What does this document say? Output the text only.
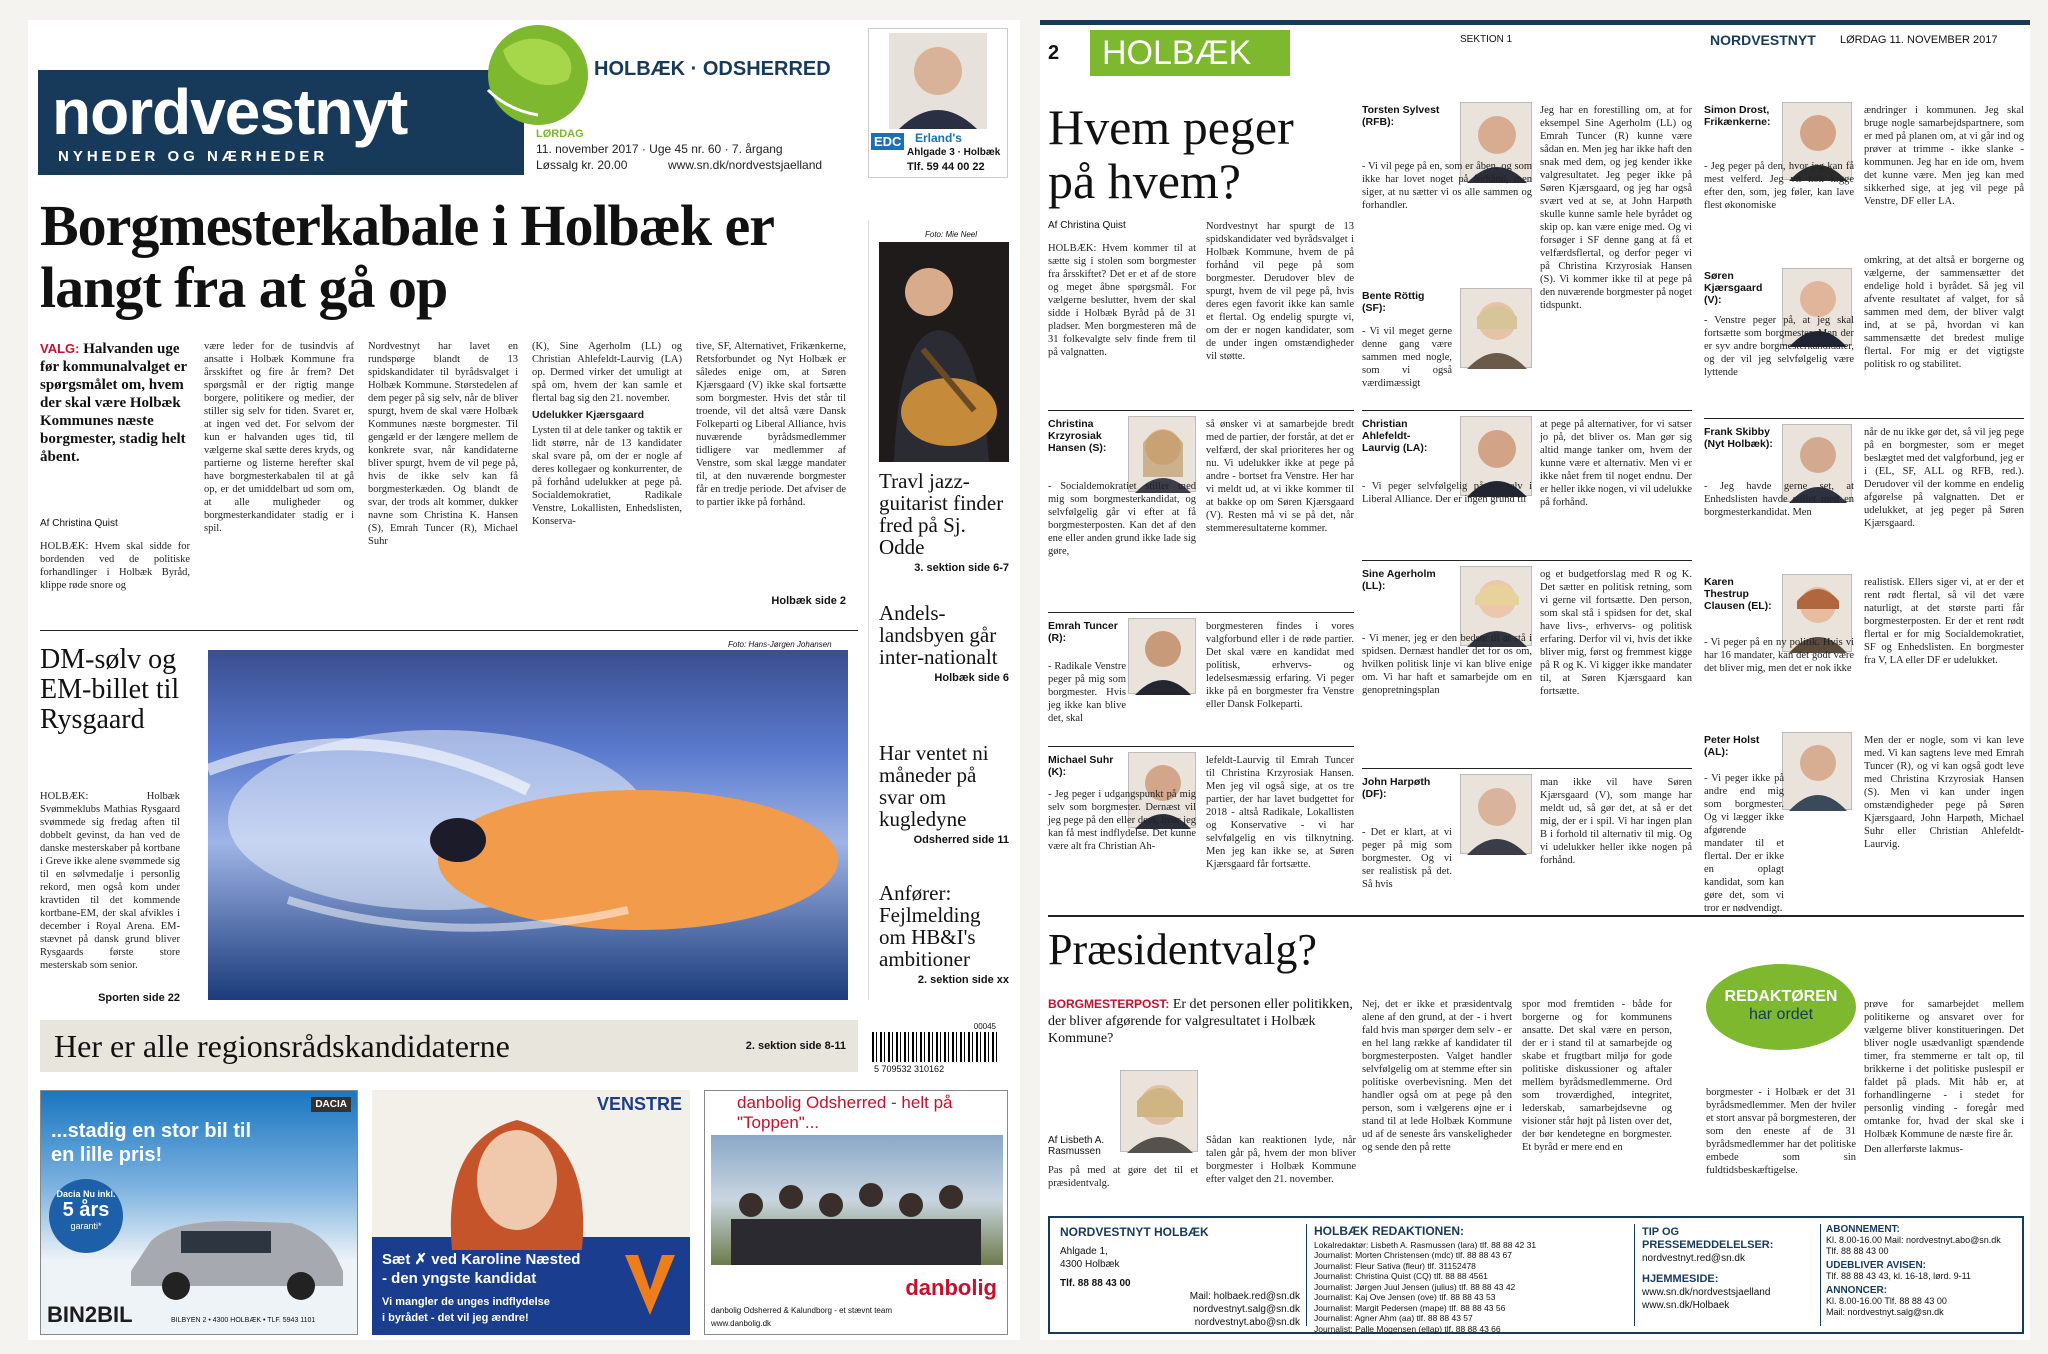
nordvestnyt
NYHEDER OG NÆRHEDER
HOLBÆK · ODSHERRED
LØRDAG
11. november 2017 · Uge 45 nr. 60 · 7. årgang
Løssalg kr. 20.00	www.sn.dk/nordvestsjaelland
EDC Erland's
Ahlgade 3 · Holbæk
Tlf. 59 44 00 22
Borgmesterkabale i Holbæk er langt fra at gå op
VALG: Halvanden uge før kommunalvalget er spørgsmålet om, hvem der skal være Holbæk Kommunes næste borgmester, stadig helt åbent.
Af Christina Quist
HOLBÆK: Hvem skal sidde for bordenden ved de politiske forhandlinger i Holbæk Byråd, klippe røde snore og
være leder for de tusindvis af ansatte i Holbæk Kommune fra årsskiftet og fire år frem? Det spørgsmål er der rigtig mange borgere, politikere og medier, der stiller sig selv for tiden. Svaret er, at ingen ved det. For selvom der kun er halvanden uges tid, til vælgerne skal sætte deres kryds, og partierne og listerne herefter skal have borgmesterkabalen til at gå op, er det umiddelbart ud som om, at alle muligheder og borgmesterkandidater stadig er i spil.
Nordvestnyt har lavet en rundspørge blandt de 13 spidskandidater til byrådsvalget i Holbæk Kommune. Størstedelen af dem peger på sig selv, når de bliver spurgt, hvem de skal være Holbæk Kommunes næste borgmester. Til gengæld er der længere mellem de konkrete svar, når kandidaterne bliver spurgt, hvem de vil pege på, hvis de ikke selv kan få borgmesterkæden. Og blandt de svar, der trods alt kommer, dukker navne som Christina K. Hansen (S), Emrah Tuncer (R), Michael Suhr

(K), Sine Agerholm (LL) og Christian Ahlefeldt-Laurvig (LA) op. Dermed virker det umuligt at spå om, hvem der kan samle et flertal bag sig den 21. november.

Udelukker Kjærsgaard

Lysten til at dele tanker og taktik er lidt større, når de 13 kandidater skal svare på, om der er nogle af deres kollegaer og konkurrenter, de på forhånd udelukker at pege på. Socialdemokratiet, Radikale Venstre, Lokallisten, Enhedslisten, Konserva-

tive, SF, Alternativet, Frikænkerne, Retsforbundet og Nyt Holbæk er således enige om, at Søren Kjærsgaard (V) ikke skal fortsætte som borgmester. Hvis det står til troende, vil det altså være Dansk Folkeparti og Liberal Alliance, hvis nuværende byrådsmedlemmer tidligere var medlemmer af Venstre, som skal lægge mandater til, at den nuværende borgmester får en tredje periode. Det afviser de to partier ikke på forhånd.
Holbæk side 2
Foto: Mie Neel
Travl jazz-guitarist finder fred på Sj. Odde
3. sektion side 6-7
Andels-landsbyen går inter-nationalt
Holbæk side 6
Har ventet ni måneder på svar om kugledyne
Odsherred side 11
Anfører: Fejlmelding om HB&I's ambitioner
2. sektion side xx
DM-sølv og EM-billet til Rysgaard
HOLBÆK: Holbæk Svømmeklubs Mathias Rysgaard svømmede sig fredag aften til dobbelt gevinst, da han ved de danske mesterskaber på kortbane i Greve ikke alene svømmede sig til en sølvmedalje i personlig rekord, men også kom under kravtiden til det kommende kortbane-EM, der skal afvikles i december i Royal Arena. EM-stævnet på dansk grund bliver Rysgaards første store mesterskab som senior.
Sporten side 22
Foto: Hans-Jørgen Johansen
Her er alle regionsrådskandidaterne	2. sektion side 8-11
00045
5 709532 310162
DACIA
...stadig en stor bil til en lille pris!
Dacia Nu inkl.
5 års
garanti*
BIN2BIL	BILBYEN 2 • 4300 HOLBÆK • TLF. 5943 1101
VENSTRE
Sæt ✗ ved Karoline Næsted
- den yngste kandidat
Vi mangler de unges indflydelse
i byrådet - det vil jeg ændre!
danbolig Odsherred - helt på "Toppen"...
danbolig
danbolig Odsherred & Kalundborg - et stævnt team
www.danbolig.dk
2	HOLBÆK	SEKTION 1	NORDVESTNYT LØRDAG 11. NOVEMBER 2017
Hvem peger på hvem?
Af Christina Quist
HOLBÆK: Hvem kommer til at sætte sig i stolen som borgmester fra årsskiftet? Det er et af de store og meget åbne spørgsmål. For vælgerne beslutter, hvem der skal sidde i Holbæk Byråd på de 31 pladser. Men borgmesteren må de 31 folkevalgte selv finde frem til på valgnatten.
Nordvestnyt har spurgt de 13 spidskandidater ved byrådsvalget i Holbæk Kommune, hvem de på forhånd vil pege på som borgmester. Derudover blev de spurgt, hvem de vil pege på, hvis deres egen favorit ikke kan samle et flertal. Og endelig spurgte vi, om der er nogen kandidater, som de under ingen omstændigheder vil støtte.
Christina Krzyrosiak Hansen (S):
- Socialdemokratiet stiller med mig som borgmesterkandidat, og selvfølgelig går vi efter at få borgmesterposten. Kan det af den ene eller anden grund ikke lade sig gøre,
så ønsker vi at samarbejde bredt med de partier, der forstår, at det er velfærd, der skal prioriteres her og nu. Vi udelukker ikke at pege på andre - bortset fra Venstre. Her har vi meldt ud, at vi ikke kommer til at bakke op om Søren Kjærsgaard (V). Resten må vi se på det, når stemmeresultaterne kommer.
Emrah Tuncer (R):
- Radikale Venstre peger på mig som borgmester. Hvis jeg ikke kan blive det, skal
borgmesteren findes i vores valgforbund eller i de røde partier. Det skal være en kandidat med politisk, erhvervs- og ledelsesmæssig erfaring. Vi peger ikke på en borgmester fra Venstre eller Dansk Folkeparti.
Michael Suhr (K):
- Jeg peger i udgangspunkt på mig selv som borgmester. Dernæst vil jeg pege på den eller dem, hvor jeg kan få mest indflydelse. Det kunne være alt fra Christian Ah-
lefeldt-Laurvig til Emrah Tuncer til Christina Krzyrosiak Hansen. Men jeg vil også sige, at os tre partier, der har lavet budgettet for 2018 - altså Radikale, Lokallisten og Konservative - vi har selvfølgelig en vis tilknytning. Men jeg kan ikke se, at Søren Kjærsgaard får fortsætte.
Torsten Sylvest (RFB):
- Vi vil pege på en, som er åben, og som ikke har lovet noget på forhånd, men siger, at nu sætter vi os alle sammen og forhandler.
Bente Röttig (SF):
- Vi vil meget gerne denne gang være sammen med nogle, som vi også værdimæssigt
Christian Ahlefeldt-Laurvig (LA):
- Vi peger selvfølgelig på os selv i Liberal Alliance. Der er ingen grund til
at pege på alternativer, for vi satser jo på, det bliver os. Man gør sig altid mange tanker om, hvem der kunne være et alternativ. Men vi er ikke nået frem til noget endnu. Der er heller ikke nogen, vi vil udelukke på forhånd.
Sine Agerholm (LL):
- Vi mener, jeg er den bedste til at stå i spidsen. Dernæst handler det for os om, hvilken politisk linje vi kan blive enige om. Vi har haft et samarbejde om en genopretningsplan
og et budgetforslag med R og K. Det sætter en politisk retning, som vi gerne vil fortsætte. Den person, som skal stå i spidsen for det, skal have livs-, erhvervs- og politisk erfaring. Derfor vil vi, hvis det ikke bliver mig, først og fremmest kigge på R og K. Vi kigger ikke mandater til, at Søren Kjærsgaard kan fortsætte.
John Harpøth (DF):
- Det er klart, at vi peger på mig som borgmester. Og vi ser realistisk på det. Så hvis
man ikke vil have Søren Kjærsgaard (V), som mange har meldt ud, så gør det, at så er det mig, der er i spil. Vi har ingen plan B i forhold til alternativ til mig. Og vi udelukker heller ikke nogen på forhånd.
Jeg har en forestilling om, at for eksempel Sine Agerholm (LL) og Emrah Tuncer (R) kunne være sådan en. Men jeg har ikke haft den snak med dem, og jeg kender ikke valgresultatet. Jeg peger ikke på Søren Kjærsgaard, og jeg har også svært ved at se, at John Harpøth skulle kunne samle hele byrådet og skip op. kan være enige med. Og vi forsøger i SF denne gang at få et velfærdsflertal, og derfor peger vi på Christina Krzyrosiak Hansen (S). Vi kommer ikke til at pege på den nuværende borgmester på noget tidspunkt.
Simon Drost, Frikænkerne:
- Jeg peger på den, hvor jeg kan få mest velferd. Jeg vil nok kigge efter den, som, jeg føler, kan lave flest økonomiske
Søren Kjærsgaard (V):
- Venstre peger på, at jeg skal fortsætte som borgmester. Men der er syv andre borgmesterkandidater, og der vil jeg selvfølgelig være lyttende
Frank Skibby (Nyt Holbæk):
- Jeg havde gerne set, at Enhedslisten havde stillet med en borgmesterkandidat. Men
Karen Thestrup Clausen (EL):
- Vi peger på en ny politik. Hvis vi har 16 mandater, kan det godt være det bliver mig, men det er nok ikke
Peter Holst (AL):
- Vi peger ikke på andre end mig som borgmester. Og vi lægger ikke afgørende mandater til et flertal. Der er ikke en oplagt kandidat, som kan gøre det, som vi tror er nødvendigt.
ændringer i kommunen. Jeg skal bruge nogle samarbejdspartnere, som er med på planen om, at vi går ind og prøver at trimme - ikke slanke - kommunen. Jeg har en ide om, hvem det kunne være. Men jeg kan med sikkerhed sige, at jeg vil pege på Venstre, DF eller LA.
omkring, at det altså er borgerne og vælgerne, der sammensætter det endelige hold i byrådet. Så jeg vil afvente resultatet af valget, for så sammen med dem, der bliver valgt ind, at se på, hvordan vi kan sammensætte det bredest mulige flertal. For mig er det vigtigste politisk ro og stabilitet.
når de nu ikke gør det, så vil jeg pege på en borgmester, som er meget beslægtet med det valgforbund, jeg er i (EL, SF, ALL og RFB, red.). Derudover vil der komme en endelig afgørelse på valgnatten. Det er udelukket, at jeg peger på Søren Kjærsgaard.
realistisk. Ellers siger vi, at er der et rent rødt flertal, så vil det være naturligt, at det største parti får borgmesterposten. Er der et rent rødt flertal er for mig Socialdemokratiet, SF og Enhedslisten. En borgmester fra V, LA eller DF er udelukket.
Men der er nogle, som vi kan leve med. Vi kan sagtens leve med Emrah Tuncer (R), og vi kan også godt leve med Christina Krzyrosiak Hansen (S). Men vi kan under ingen omstændigheder pege på Søren Kjærsgaard, John Harpøth, Michael Suhr eller Christian Ahlefeldt-Laurvig.
Præsidentvalg?
BORGMESTERPOST: Er det personen eller politikken, der bliver afgørende for valgresultatet i Holbæk Kommune?
Af Lisbeth A. Rasmussen
Pas på med at gøre det til et præsidentvalg.
Sådan kan reaktionen lyde, når talen går på, hvem der mon bliver borgmester i Holbæk Kommune efter valget den 21. november.
Nej, det er ikke et præsidentvalg alene af den grund, at der - i hvert fald hvis man spørger dem selv - er en hel lang række af kandidater til borgmesterposten. Valget handler selvfølgelig om at stemme efter sin politiske overbevisning. Men det handler også om at pege på den person, som i vælgerens øjne er i stand til at lede Holbæk Kommune ud af de seneste års vanskeligheder og sende den på rette
spor mod fremtiden - både for borgerne og for kommunens ansatte. Det skal være en person, der er i stand til at samarbejde og skabe et frugtbart miljø for gode politiske diskussioner og aftaler mellem byrådsmedlemmerne. Ord som troværdighed, integritet, lederskab, samarbejdsevne og visioner står højt på listen over det, der bør kendetegne en borgmester. Et byråd er mere end en
REDAKTØREN
har ordet
borgmester - i Holbæk er det 31 byrådsmedlemmer. Men der hviler et stort ansvar på borgmesteren, der som den eneste af de 31 byrådsmedlemmer har det politiske embede som sin fuldtidsbeskæftigelse.

prøve for samarbejdet mellem politikerne og ansvaret over for vælgerne bliver konstitueringen. Det bliver nogle usædvanligt spændende timer, fra stemmerne er talt op, til brikkerne i det politiske puslespil er faldet på plads. Mit håb er, at forhandlingerne - i stedet for personlig vinding - foregår med omtanke for, hvad der skal ske i Holbæk Kommune de næste fire år.

Den allerførste lakmus-

NORDVESTNYT HOLBÆK
Ahlgade 1,
4300 Holbæk
Tlf. 88 88 43 00
Mail: holbaek.red@sn.dk
nordvestnyt.salg@sn.dk
nordvestnyt.abo@sn.dk
HOLBÆK REDAKTIONEN:
Lokalredaktør: Lisbeth A. Rasmussen (lara) tlf. 88 88 42 31
Journalist: Morten Christensen (mdc) tlf. 88 88 43 67
Journalist: Fleur Sativa (fleur) tlf. 31152478
Journalist: Christina Quist (CQ) tlf. 88 88 4561
Journalist: Jørgen Juul Jensen (julius) tlf. 88 88 43 42
Journalist: Kaj Ove Jensen (ove) tlf. 88 88 43 53
Journalist: Margit Pedersen (mape) tlf. 88 88 43 56
Journalist: Agner Ahm (aa) tlf. 88 88 43 57
Journalist: Palle Mogensen (ellap) tlf. 88 88 43 66
TIP OG PRESSEMEDDELELSER:
nordvestnyt.red@sn.dk
HJEMMESIDE:
www.sn.dk/nordvestsjaelland
www.sn.dk/Holbaek
ABONNEMENT:
Kl. 8.00-16.00 Mail: nordvestnyt.abo@sn.dk
Tlf. 88 88 43 00
UDEBLIVER AVISEN:
Tlf. 88 88 43 43, kl. 16-18, lørd. 9-11
ANNONCER:
Kl. 8.00-16.00 Tlf. 88 88 43 00
Mail: nordvestnyt.salg@sn.dk
